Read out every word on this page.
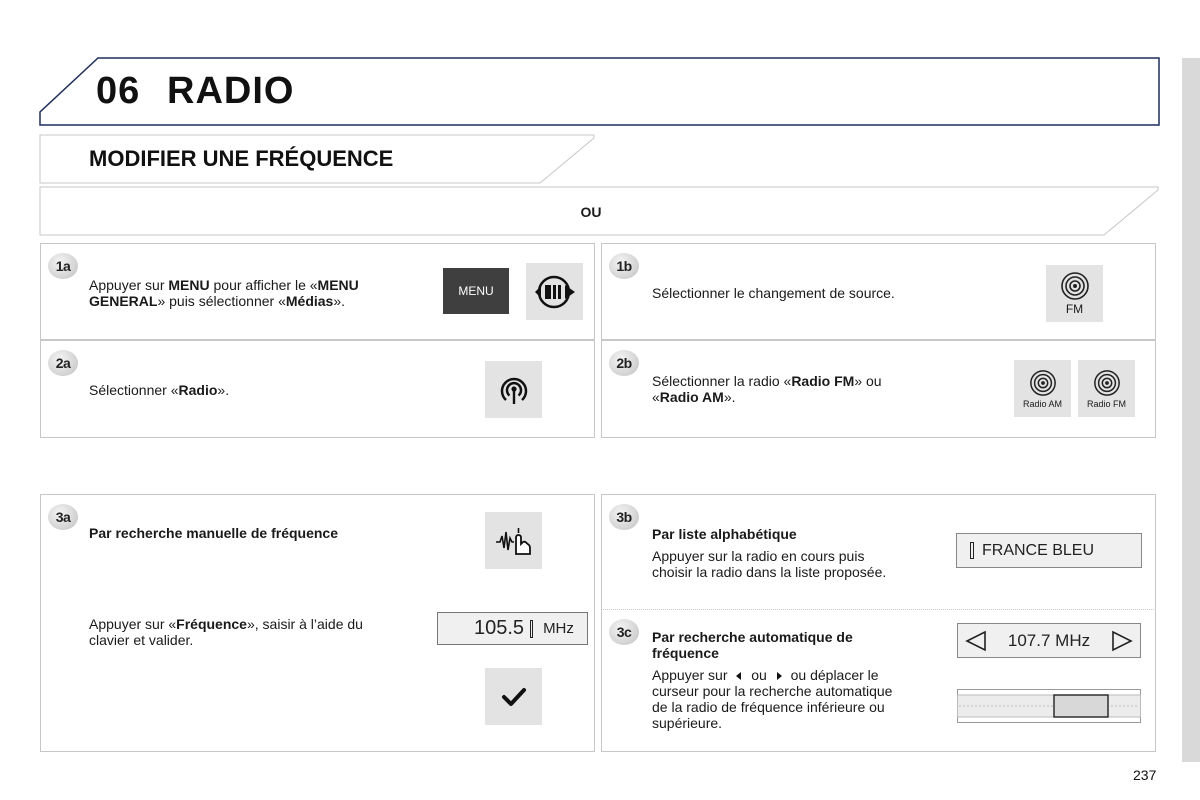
06 RADIO
MODIFIER UNE FRÉQUENCE
OU
1a
Appuyer sur MENU pour afficher le «MENU
GENERAL» puis sélectionner «Médias».
MENU
1b
Sélectionner le changement de source.
FM
2a
Sélectionner «Radio».
2b
Sélectionner la radio «Radio FM» ou
«Radio AM».	Radio AM	Radio FM
3a
Par recherche manuelle de fréquence
Appuyer sur «Fréquence», saisir à l’aide du
clavier et valider.
105.5 MHz
3b
Par liste alphabétique
Appuyer sur la radio en cours puis
choisir la radio dans la liste proposée.
FRANCE BLEU
3c	Par recherche automatique de
fréquence
Appuyer sur ou ou déplacer le
curseur pour la recherche automatique
de la radio de fréquence inférieure ou
supérieure.
107.7 MHz
237
